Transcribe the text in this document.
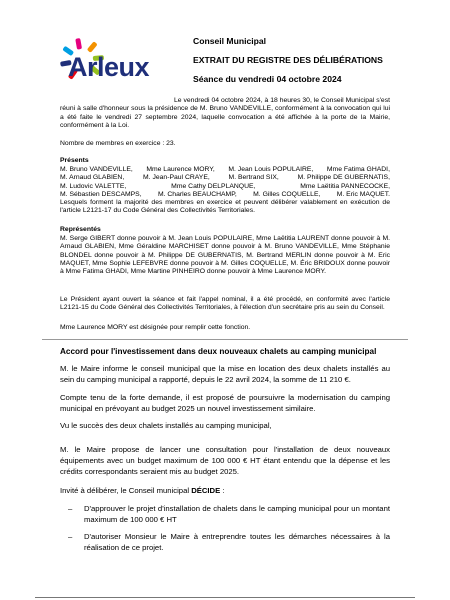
Arleux
Conseil Municipal
EXTRAIT DU REGISTRE DES DÉLIBÉRATIONS
Séance du vendredi 04 octobre 2024
Le vendredi 04 octobre 2024, à 18 heures 30, le Conseil Municipal s'est réuni à salle d'honneur sous la présidence de M. Bruno VANDEVILLE, conformément à la convocation qui lui a été faite le vendredi 27 septembre 2024, laquelle convocation a été affichée à la porte de la Mairie, conformément à la Loi.
Nombre de membres en exercice : 23.
Présents
M. Bruno VANDEVILLE, Mme Laurence MORY, M. Jean Louis POPULAIRE, Mme Fatima GHADI,
M. Arnaud GLABIEN,	M. Jean-Paul CRAYE,	M. Bertrand SIX,	M. Philippe DE GUBERNATIS,
M. Ludovic VALETTE,	Mme Cathy DELPLANQUE,	Mme Laëtitia PANNECOCKE,
M. Sébastien DESCAMPS, M. Charles BEAUCHAMP, M. Gilles COQUELLE, M. Eric MAQUET.
Lesquels forment la majorité des membres en exercice et peuvent délibérer valablement en exécution de l'article L2121-17 du Code Général des Collectivités Territoriales.
Représentés
M. Serge GIBERT donne pouvoir à M. Jean Louis POPULAIRE, Mme Laëtitia LAURENT donne pouvoir à M. Arnaud GLABIEN, Mme Géraldine MARCHISET donne pouvoir à M. Bruno VANDEVILLE, Mme Stéphanie BLONDEL donne pouvoir à M. Philippe DE GUBERNATIS, M. Bertrand MERLIN donne pouvoir à M. Eric MAQUET, Mme Sophie LEFEBVRE donne pouvoir à M. Gilles COQUELLE, M. Éric BRIDOUX donne pouvoir à Mme Fatima GHADI, Mme Martine PINHEIRO donne pouvoir à Mme Laurence MORY.
Le Président ayant ouvert la séance et fait l'appel nominal, il a été procédé, en conformité avec l'article L2121-15 du Code Général des Collectivités Territoriales, à l'élection d'un secrétaire pris au sein du Conseil.
Mme Laurence MORY est désignée pour remplir cette fonction.
Accord pour l'investissement dans deux nouveaux chalets au camping municipal
M. le Maire informe le conseil municipal que la mise en location des deux chalets installés au sein du camping municipal a rapporté, depuis le 22 avril 2024, la somme de 11 210 €.
Compte tenu de la forte demande, il est proposé de poursuivre la modernisation du camping municipal en prévoyant au budget 2025 un nouvel investissement similaire.
Vu le succès des deux chalets installés au camping municipal,
M. le Maire propose de lancer une consultation pour l'installation de deux nouveaux équipements avec un budget maximum de 100 000 € HT étant entendu que la dépense et les crédits correspondants seraient mis au budget 2025.
Invité à délibérer, le Conseil municipal DÉCIDE :
– D'approuver le projet d'installation de chalets dans le camping municipal pour un montant maximum de 100 000 € HT
– D'autoriser Monsieur le Maire à entreprendre toutes les démarches nécessaires à la réalisation de ce projet.
